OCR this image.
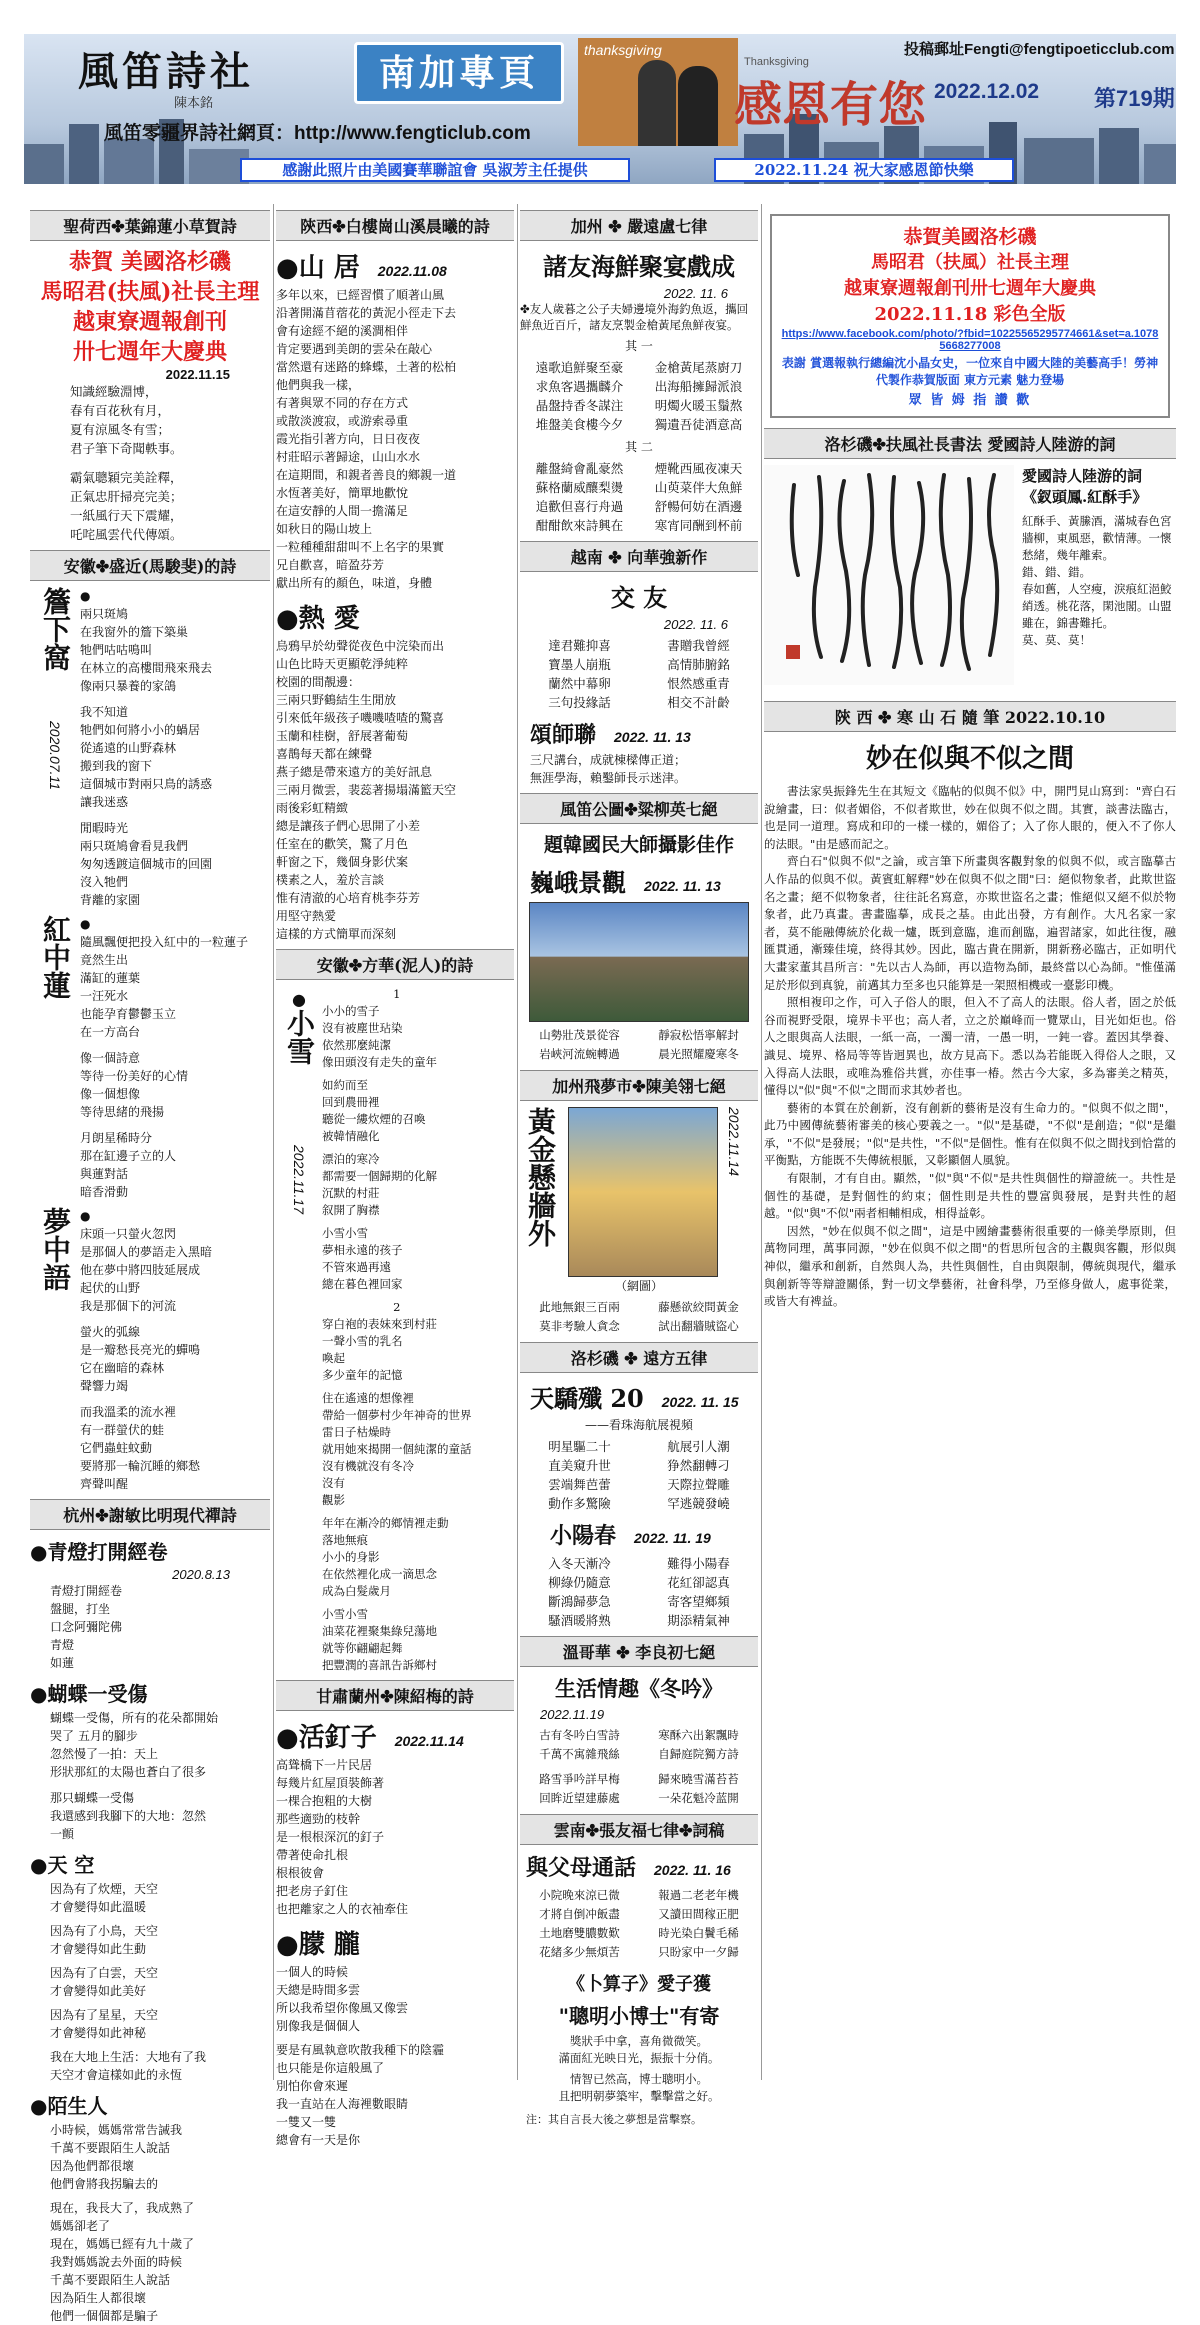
風笛詩社
陳本銘
南加專頁
風笛零疆界詩社網頁：http://www.fengticlub.com
thanksgiving
Thanksgiving
感恩有您
投稿郵址Fengti@fengtipoeticclub.com
2022.12.02 第719期
感謝此照片由美國賽華聯誼會 吳淑芳主任提供	2022.11.24 祝大家感恩節快樂
聖荷西✤葉錦蓮小草賀詩
恭賀 美國洛杉磯
馬昭君(扶風)社長主理
越東寮週報創刊
卅七週年大慶典
2022.11.15
知識經驗淵博，
春有百花秋有月，
夏有涼風冬有雪；
君子筆下奇聞軼事。
霸氣聰穎完美詮釋，
正氣忠肝掃亮完美；
一紙風行天下震耀，
吒咤風雲代代傳頌。
安徽✤盛近(馬駿斐)的詩
簷下窩
2020.07.11
●
兩只斑鳩
在我窗外的簷下築巢
牠們咕咕鳴叫
在林立的高樓間飛來飛去
像兩只暴養的家鴿
我不知道
牠們如何將小小的蝸居
從遙遠的山野森林
搬到我的窗下
這個城市對兩只鳥的誘惑
讓我迷惑
閒暇時光
兩只斑鳩會看見我們
匆匆透踱這個城市的回園
沒入牠們
背離的家園
紅中蓮 ●
隨風飄便把投入紅中的一粒蓮子
竟然生出
滿缸的蓮葉
一汪死水
也能孕育鬱鬱玉立
在一方高台
像一個詩意
等待一份美好的心情
像一個想像
等待思緒的飛揚
月朗星稀時分
那在缸邊子立的人
與蓮對話
暗香滑動
夢中語 ●
床頭一只螢火忽閃
是那個人的夢語走入黑暗
他在夢中將四肢延展成
起伏的山野
我是那個下的河流
螢火的弧線
是一瓣愁長亮光的蟬鳴
它在幽暗的森林
聲響力竭
而我溫柔的流水裡
有一群螢伏的蛙
它們蟲蛀蚊動
要將那一輪沉睡的鄉愁
齊聲叫醒
杭州✤謝敏比明現代禪詩
●青燈打開經卷
2020.8.13
青燈打開經卷
盤腿，打坐
口念阿彌陀佛
青燈
如蓮
●蝴蝶一受傷
蝴蝶一受傷，所有的花朵都開始
哭了 五月的腳步
忽然慢了一拍：天上
形狀那紅的太陽也蒼白了很多
那只蝴蝶一受傷
我還感到我腳下的大地：忽然
一顫
●天 空
因為有了炊煙，天空
才會變得如此溫暖
因為有了小鳥，天空
才會變得如此生動
因為有了白雲，天空
才會變得如此美好
因為有了星星，天空
才會變得如此神秘
我在大地上生活：大地有了我
天空才會這樣如此的永恆
●陌生人
小時候，媽媽常常告誡我
千萬不要跟陌生人說話
因為他們都很壞
他們會將我拐騙去的
現在，我長大了，我成熟了
媽媽卻老了
現在，媽媽已經有九十歲了
我對媽媽說去外面的時候
千萬不要跟陌生人說話
因為陌生人都很壞
他們一個個都是騙子
陝西✤白樓崗山溪晨曦的詩
●山 居 2022.11.08
多年以來，已經習慣了順著山風
沿著開滿苜蓿花的黃泥小徑走下去
會有途經不絕的溪澗相伴
肯定要遇到美朗的雲朵在敲心
當然還有迷路的蜂蝶，土著的松柏
他們與我一樣，
有著與眾不同的存在方式
或散淡渡寂，或游索尋重
霞光指引著方向，日日夜夜
村莊昭示著歸途，山山水水
在這期間，和親者善良的鄉親一道
水恆著美好，簡單地歡悅
在這安靜的人間一擔滿足
如秋日的陽山坡上
一粒種種甜甜叫不上名字的果實
兄自歡喜，暗盈芬芳
獻出所有的顏色，味道，身體
●熱 愛
烏鴉早於幼聲從夜色中浣染而出
山色比時天更顯乾淨純粹
校園的間靚邊：
三兩只野鶴結生生閒放
引來低年級孩子嘰嘰喳喳的驚喜
玉蘭和桂樹，舒展著葡萄
喜鵲每天都在練聲
燕子總是帶來遠方的美好訊息
三兩月微雲，裴蕊著揚塌滿籃天空
雨後彩虹精緻
總是讓孩子們心思開了小差
任室在的歡笑，驚了月色
軒窗之下，幾個身影伏案
樸素之人，羞於言談
惟有清澈的心培育桃李芬芳
用堅守熱愛
這樣的方式簡單而深刻
安徽✤方華(泥人)的詩
●
小雪
2022.11.17
1
小小的雪子
沒有被塵世玷染
依然那麼純潔
像田頭沒有走失的童年
如約而至
回到農冊裡
聽從一縷炊煙的召喚
被韓情融化
漂泊的寒冷
都需要一個歸期的化解
沉默的村莊
叙開了胸襟
小雪小雪
夢相永遠的孩子
不管來過再遠
總在暮色裡回家
2
穿白袍的表妹來到村莊
一聲小雪的乳名
喚起
多少童年的記憶
住在遙遠的想像裡
帶給一個夢村少年神奇的世界
雷日子枯燥時
就用她來揭開一個純潔的童話
沒有機就沒有冬冷
沒有
觀影
年年在漸冷的鄉情裡走動
落地無痕
小小的身影
在依然裡化成一滴思念
成為白髮歲月
小雪小雪
油菜花裡聚集綠兒蕩地
就等你翩翩起舞
把豐潤的喜訊告訴鄉村
甘肅蘭州✤陳紹梅的詩
●活釘子 2022.11.14
高聳橋下一片民居
每幾片紅屋頂裝飾著
一棵合抱粗的大樹
那些適勁的枝幹
是一根根深沉的釘子
帶著使命扎根
根根彼會
把老房子釘住
也把離家之人的衣袖牽住
●朦 朧
一個人的時候
天總是時間多雲
所以我希望你像風又像雲
別像我是個個人
要是有風執意吹散我種下的陰霾
也只能是你這般風了
別怕你會來遲
我一直站在人海裡數眼睛
一雙又一雙
總會有一天是你
加州 ✤ 嚴遠盧七律
諸友海鮮聚宴戲成
2022. 11. 6
✤友人歲暮之公子夫婦邊境外海釣魚返，攜回鮮魚近百斤，諸友烹製金槍黃尾魚鮮夜宴。
其 一
遠歌追鮮聚至豪
求魚客遇攜麟介
晶盤持香冬謀注
堆盤美食樓今夕
金槍黃尾蒸廚刀
出海船擁歸派浪
明燭火暖玉鬚熬
獨遺吾徒酒意高
其 二
離盤綺會亂豪然
蘇格蘭威釀梨燙
追歡但喜行舟過
酣酣飲來詩興在
煙靴西風夜凍天
山萸菜伴大魚鮮
舒暢何妨在酒邊
寒宵同酬到杯前
越南 ✤ 向華強新作
交 友
2022. 11. 6
達君難抑喜
寶墨人崩瓶
蘭然中幕卵
三句投緣話
書贈我曾經
高情肺腑銘
恨然感重青
相交不計齡
頌師聯 2022. 11. 13
三尺講台，成就棟樑傳正道；
無涯學海，賴鑿師長示迷津。
風笛公圖✤粱柳英七絕
題韓國民大師攝影佳作
巍峨景觀 2022. 11. 13
山勢壯茂景從容
岩峽河流蜿轉過
靜寂松悟寧解封
晨光照耀慶寒冬
加州飛夢市✤陳美翎七絕
黃金懸牆外	2022.11.14
（網圖）
此地無銀三百兩
莫非考驗人貪念
藤懸欲絞問黃金
試出翻牆賊盜心
洛杉磯 ✤ 遠方五律
天驕殲 20 2022. 11. 15
——看珠海航展視頻
明星驅二十
直美窺升世
雲端舞芭蕾
動作多驚險
航展引人潮
狰然翻轉刁
天際拉聲雕
罕逃競發嶢
小陽春 2022. 11. 19
入冬天漸冷
柳綠仍隨意
斷鴻歸夢急
騷酒暖將熟
難得小陽春
花紅卻認真
寄客望鄉頻
期添精氣神
溫哥華 ✤ 李良初七絕
生活情趣《冬吟》
2022.11.19
古有冬吟白雪詩
千萬不寓雜飛絲
路雪爭吟詳早梅
回眸近望建藤處
寒酥六出絮飄時
自歸庭院獨方詩
歸來曉雪滿苔苔
一朵花魁冷蓝開
雲南✤張友福七律✤詞稿
與父母通話 2022. 11. 16
小院晚來涼已微
才將自倒冲飯盡
土地磨雙膿數歎
花緒多少無煩苦
報過二老老年機
又讀田間稼正肥
時光染白鬢毛稀
只盼家中一夕歸
《卜算子》愛子獲
"聰明小博士"有寄
獎狀手中拿，喜角微微笑。
滿面紅光映日光，振振十分俏。
情智已然高，博士聰明小。
且把明朝夢築牢，擊擊當之好。
注：其自言長大後之夢想是當擊察。
恭賀美國洛杉磯
馬昭君（扶風）社長主理
越東寮週報創刊卅七週年大慶典
2022.11.18 彩色全版
https://www.facebook.com/photo/?fbid=10225565295774661&set=a.10785668277008
表謝 賞選報執行總編沈小晶女史，一位來自中國大陸的美藝高手！勞神代製作恭賀版面 東方元素 魅力登場
眾 皆 姆 指 讚 歡
洛杉磯✤扶風社長書法 愛國詩人陸游的詞
愛國詩人陸游的詞
《釵頭鳳.紅酥手》
紅酥手、黃縢酒，滿城春色宮牆柳，東風惡，歡情薄。一懷愁緒，幾年離索。
錯、錯、錯。
春如舊，人空瘦，淚痕紅浥鮫綃透。桃花落，閑池閣。山盟雖在，錦書難托。
莫、莫、莫！
陝 西 ✤ 寒 山 石 隨 筆 2022.10.10
妙在似與不似之間

書法家吳振鋒先生在其短文《臨帖的似與不似》中，開門見山寫到："齊白石說繪畫，曰：似者媚俗，不似者欺世，妙在似與不似之間。其實，談書法臨古，也是同一道理。寫成和印的一樣一樣的，媚俗了；入了你人眼的，便入不了你人的法眼。"由是感而記之。

齊白石"似與不似"之論，或言筆下所畫與客觀對象的似與不似，或言臨摹古人作品的似與不似。黃賓虹解釋"妙在似與不似之間"曰：絕似物象者，此欺世盜名之畫；絕不似物象者，往往託名寫意，亦欺世盜名之畫；惟絕似又絕不似於物象者，此乃真畫。書畫臨摹，成長之基。由此出發，方有創作。大凡名家一家者，莫不能融傳統於化裁一爐，既到意臨，進而創臨，遍習諸家，如此往復，融匯貫通，漸臻佳境，終得其妙。因此，臨古貴在開新，開新務必臨古，正如明代大畫家董其昌所言："先以古人為師，再以造物為師，最終當以心為師。"惟僅滿足於形似到真貌，前邁其力至多也只能算是一架照相機或一臺影印機。

照相複印之作，可入子俗人的眼，但入不了高人的法眼。俗人者，固之於低谷而視野受限，境界卡平也；高人者，立之於巔峰而一覽眾山，目光如炬也。俗人之眼與高人法眼，一紙一高，一濁一清，一愚一明，一鈍一睿。蓋因其學養、識見、境界、格局等等皆迥異也，故方見高下。悉以為若能既入得俗人之眼，又入得高人法眼，或唯為雅俗共賞，亦佳事一椿。然古今大家，多為審美之精英，懂得以"似"與"不似"之間而求其妙者也。

藝術的本質在於創新，沒有創新的藝術是沒有生命力的。"似與不似之間"，此乃中國傳統藝術審美的核心要義之一。"似"是基礎，"不似"是創造；"似"是繼承，"不似"是發展；"似"是共性，"不似"是個性。惟有在似與不似之間找到恰當的平衡點，方能既不失傳統根脈，又彰顯個人風貌。

有限制，才有自由。顯然，"似"與"不似"是共性與個性的辯證統一。共性是個性的基礎，是對個性的約束；個性則是共性的豐富與發展，是對共性的超越。"似"與"不似"兩者相輔相成，相得益彰。

因然，"妙在似與不似之間"，這是中國繪畫藝術很重要的一條美學原則，但萬物同理，萬事同源，"妙在似與不似之間"的哲思所包含的主觀與客觀，形似與神似，繼承和創新，自然與人為，共性與個性，自由與限制，傳統與現代，繼承與創新等等辯證關係，對一切文學藝術，社會科學，乃至修身做人，處事從業，或皆大有裨益。
